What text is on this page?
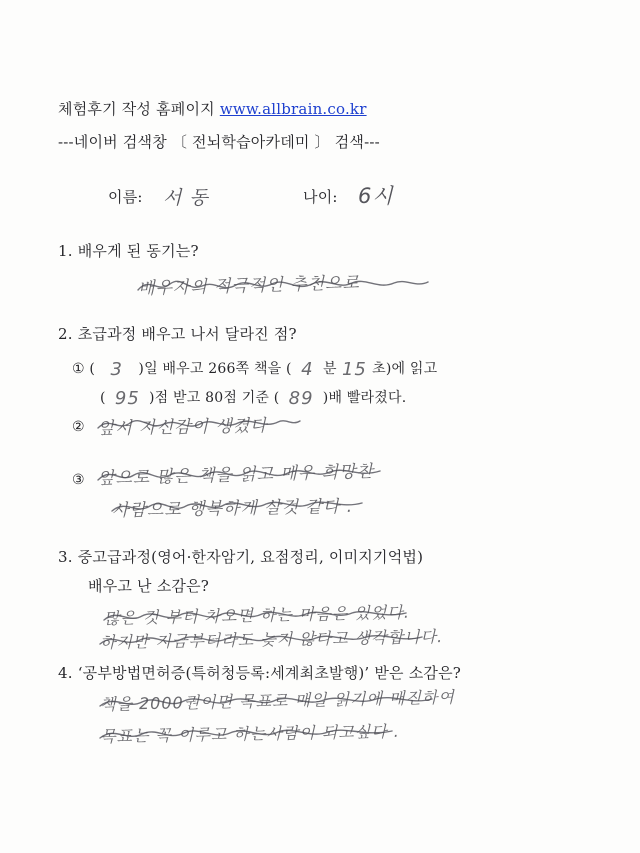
체험후기 작성 홈페이지 www.allbrain.co.kr
---네이버 검색창 〔 전뇌학습아카데미 〕 검색---
이름: 서 동	나이: 6시
1. 배우게 된 동기는?
배우자의 적극적인 추천으로
2. 초급과정 배우고 나서 달라진 점?
① ( 3 )일 배우고 266쪽 책을 ( 4 분 15 초)에 읽고
( 95 )점 받고 80점 기준 ( 89 )배 빨라졌다.
② 앞서 자신감이 생겼다
③ 앞으로 많은 책을 읽고 매우 희망찬
사람으로 행복하게 살것 같다 .
3. 중고급과정(영어·한자암기, 요점정리, 이미지기억법)
배우고 난 소감은?
많은 것 부터 차오면 하는 마음은 있었다.
하지만 지금부터라도 늦지 않다고 생각합니다.
4. ‘공부방법면허증(특허청등록:세계최초발행)’ 받은 소감은?
책을 2000권이면 목표로 매일 읽기에 매진하여
목표는 꼭 이루고 하는사람이 되고싶다 .
